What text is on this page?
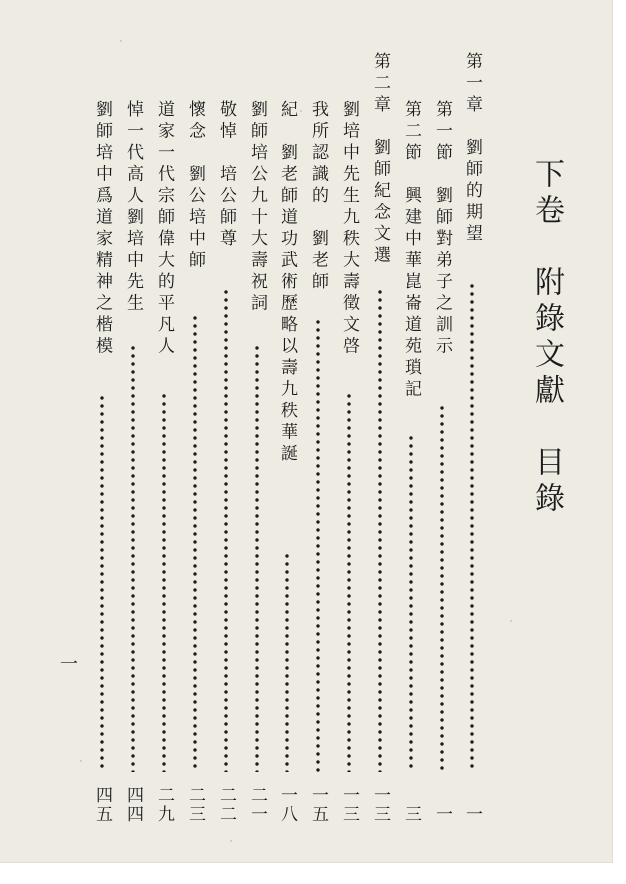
下卷　附錄文獻　目錄
一
第一章　劉師的期望
一
第一節　劉師對弟子之訓示
一
第二節　興建中華崑崙道苑瑣記
三
第二章　劉師紀念文選
一三
劉培中先生九秩大壽徵文啓
一三
我所認識的　劉老師
一五
紀　劉老師道功武術歷略以壽九秩華誕
一八
劉師培公九十大壽祝詞
二一
敬悼　培公師尊
二二
懷念　劉公培中師
二三
道家一代宗師偉大的平凡人
二九
悼一代高人劉培中先生
四四
劉師培中爲道家精神之楷模
四五
